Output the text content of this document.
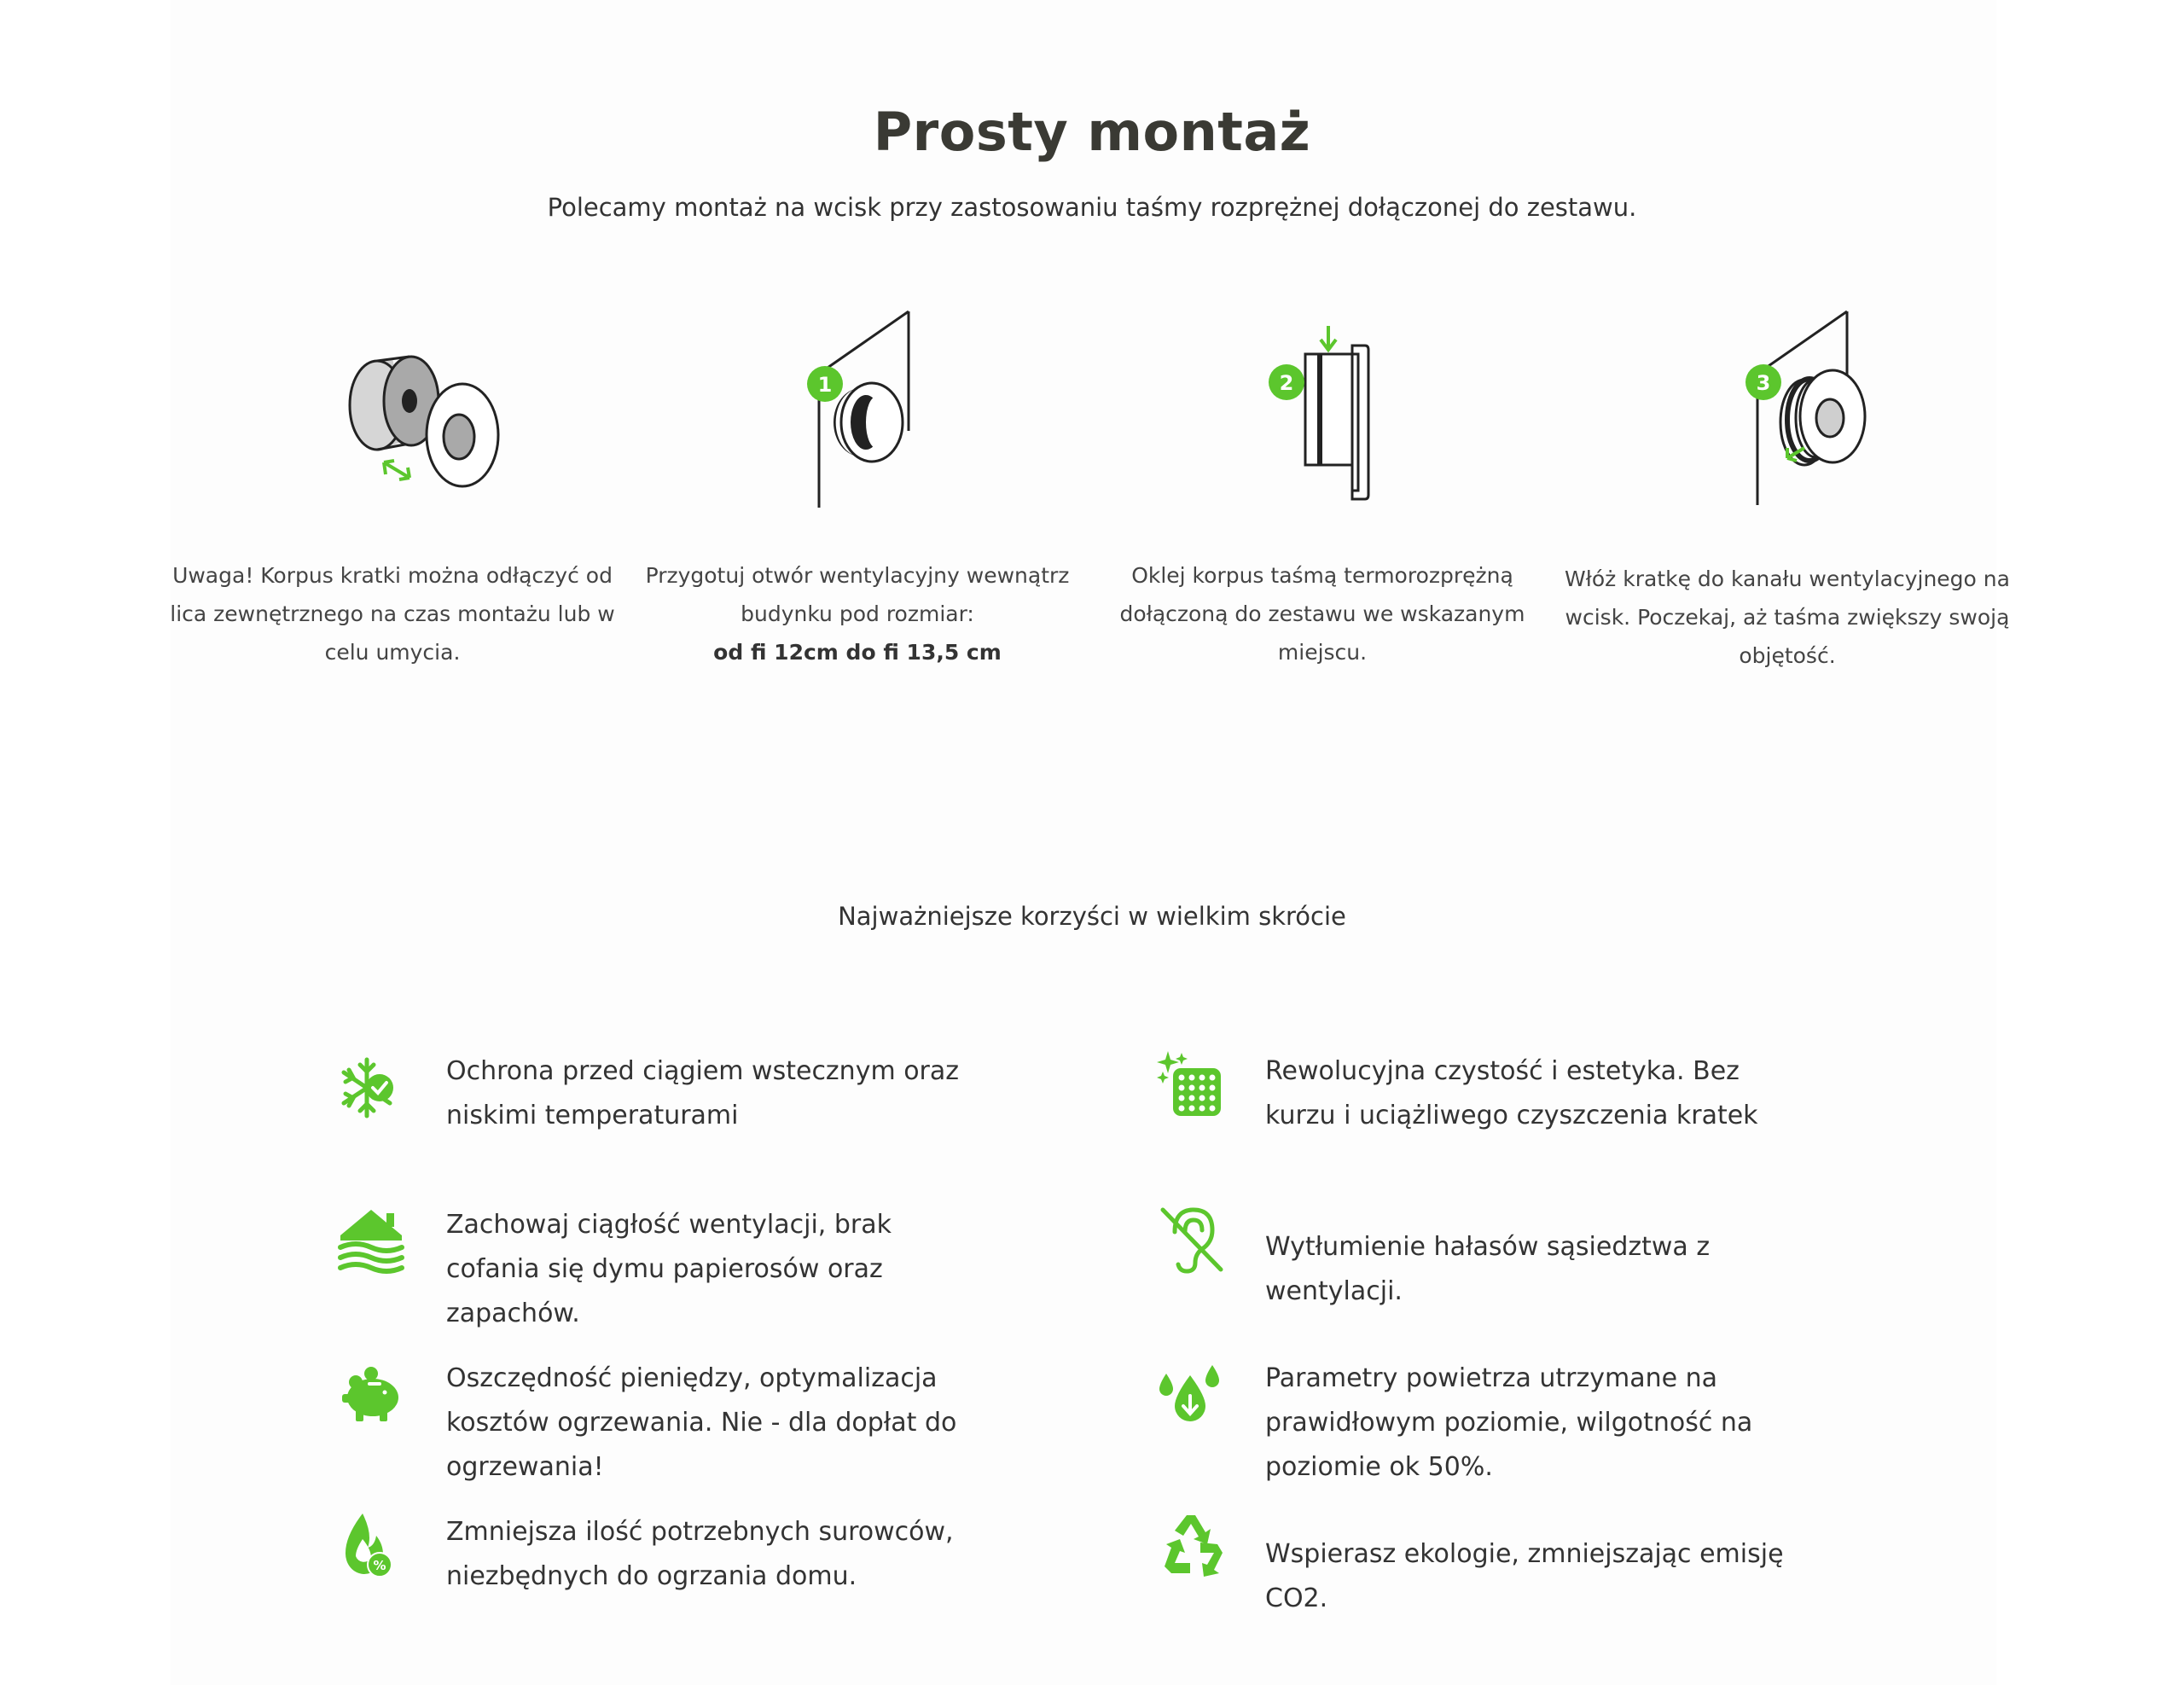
Prosty montaż
Polecamy montaż na wcisk przy zastosowaniu taśmy rozprężnej dołączonej do zestawu.
Uwaga! Korpus kratki można odłączyć od lica zewnętrznego na czas montażu lub w celu umycia.
1
Przygotuj otwór wentylacyjny wewnątrz budynku pod rozmiar:
od fi 12cm do fi 13,5 cm
2
Oklej korpus taśmą termorozprężną dołączoną do zestawu we wskazanym miejscu.
3
Włóż kratkę do kanału wentylacyjnego na wcisk. Poczekaj, aż taśma zwiększy swoją objętość.
Najważniejsze korzyści w wielkim skrócie
Ochrona przed ciągiem wstecznym oraz niskimi temperaturami
Rewolucyjna czystość i estetyka. Bez kurzu i uciążliwego czyszczenia kratek
Zachowaj ciągłość wentylacji, brak cofania się dymu papierosów oraz zapachów.
Wytłumienie hałasów sąsiedztwa z wentylacji.
Oszczędność pieniędzy, optymalizacja kosztów ogrzewania. Nie - dla dopłat do ogrzewania!
Parametry powietrza utrzymane na prawidłowym poziomie, wilgotność na poziomie ok 50%.
%
Zmniejsza ilość potrzebnych surowców, niezbędnych do ogrzania domu.
Wspierasz ekologie, zmniejszając emisję CO2.
